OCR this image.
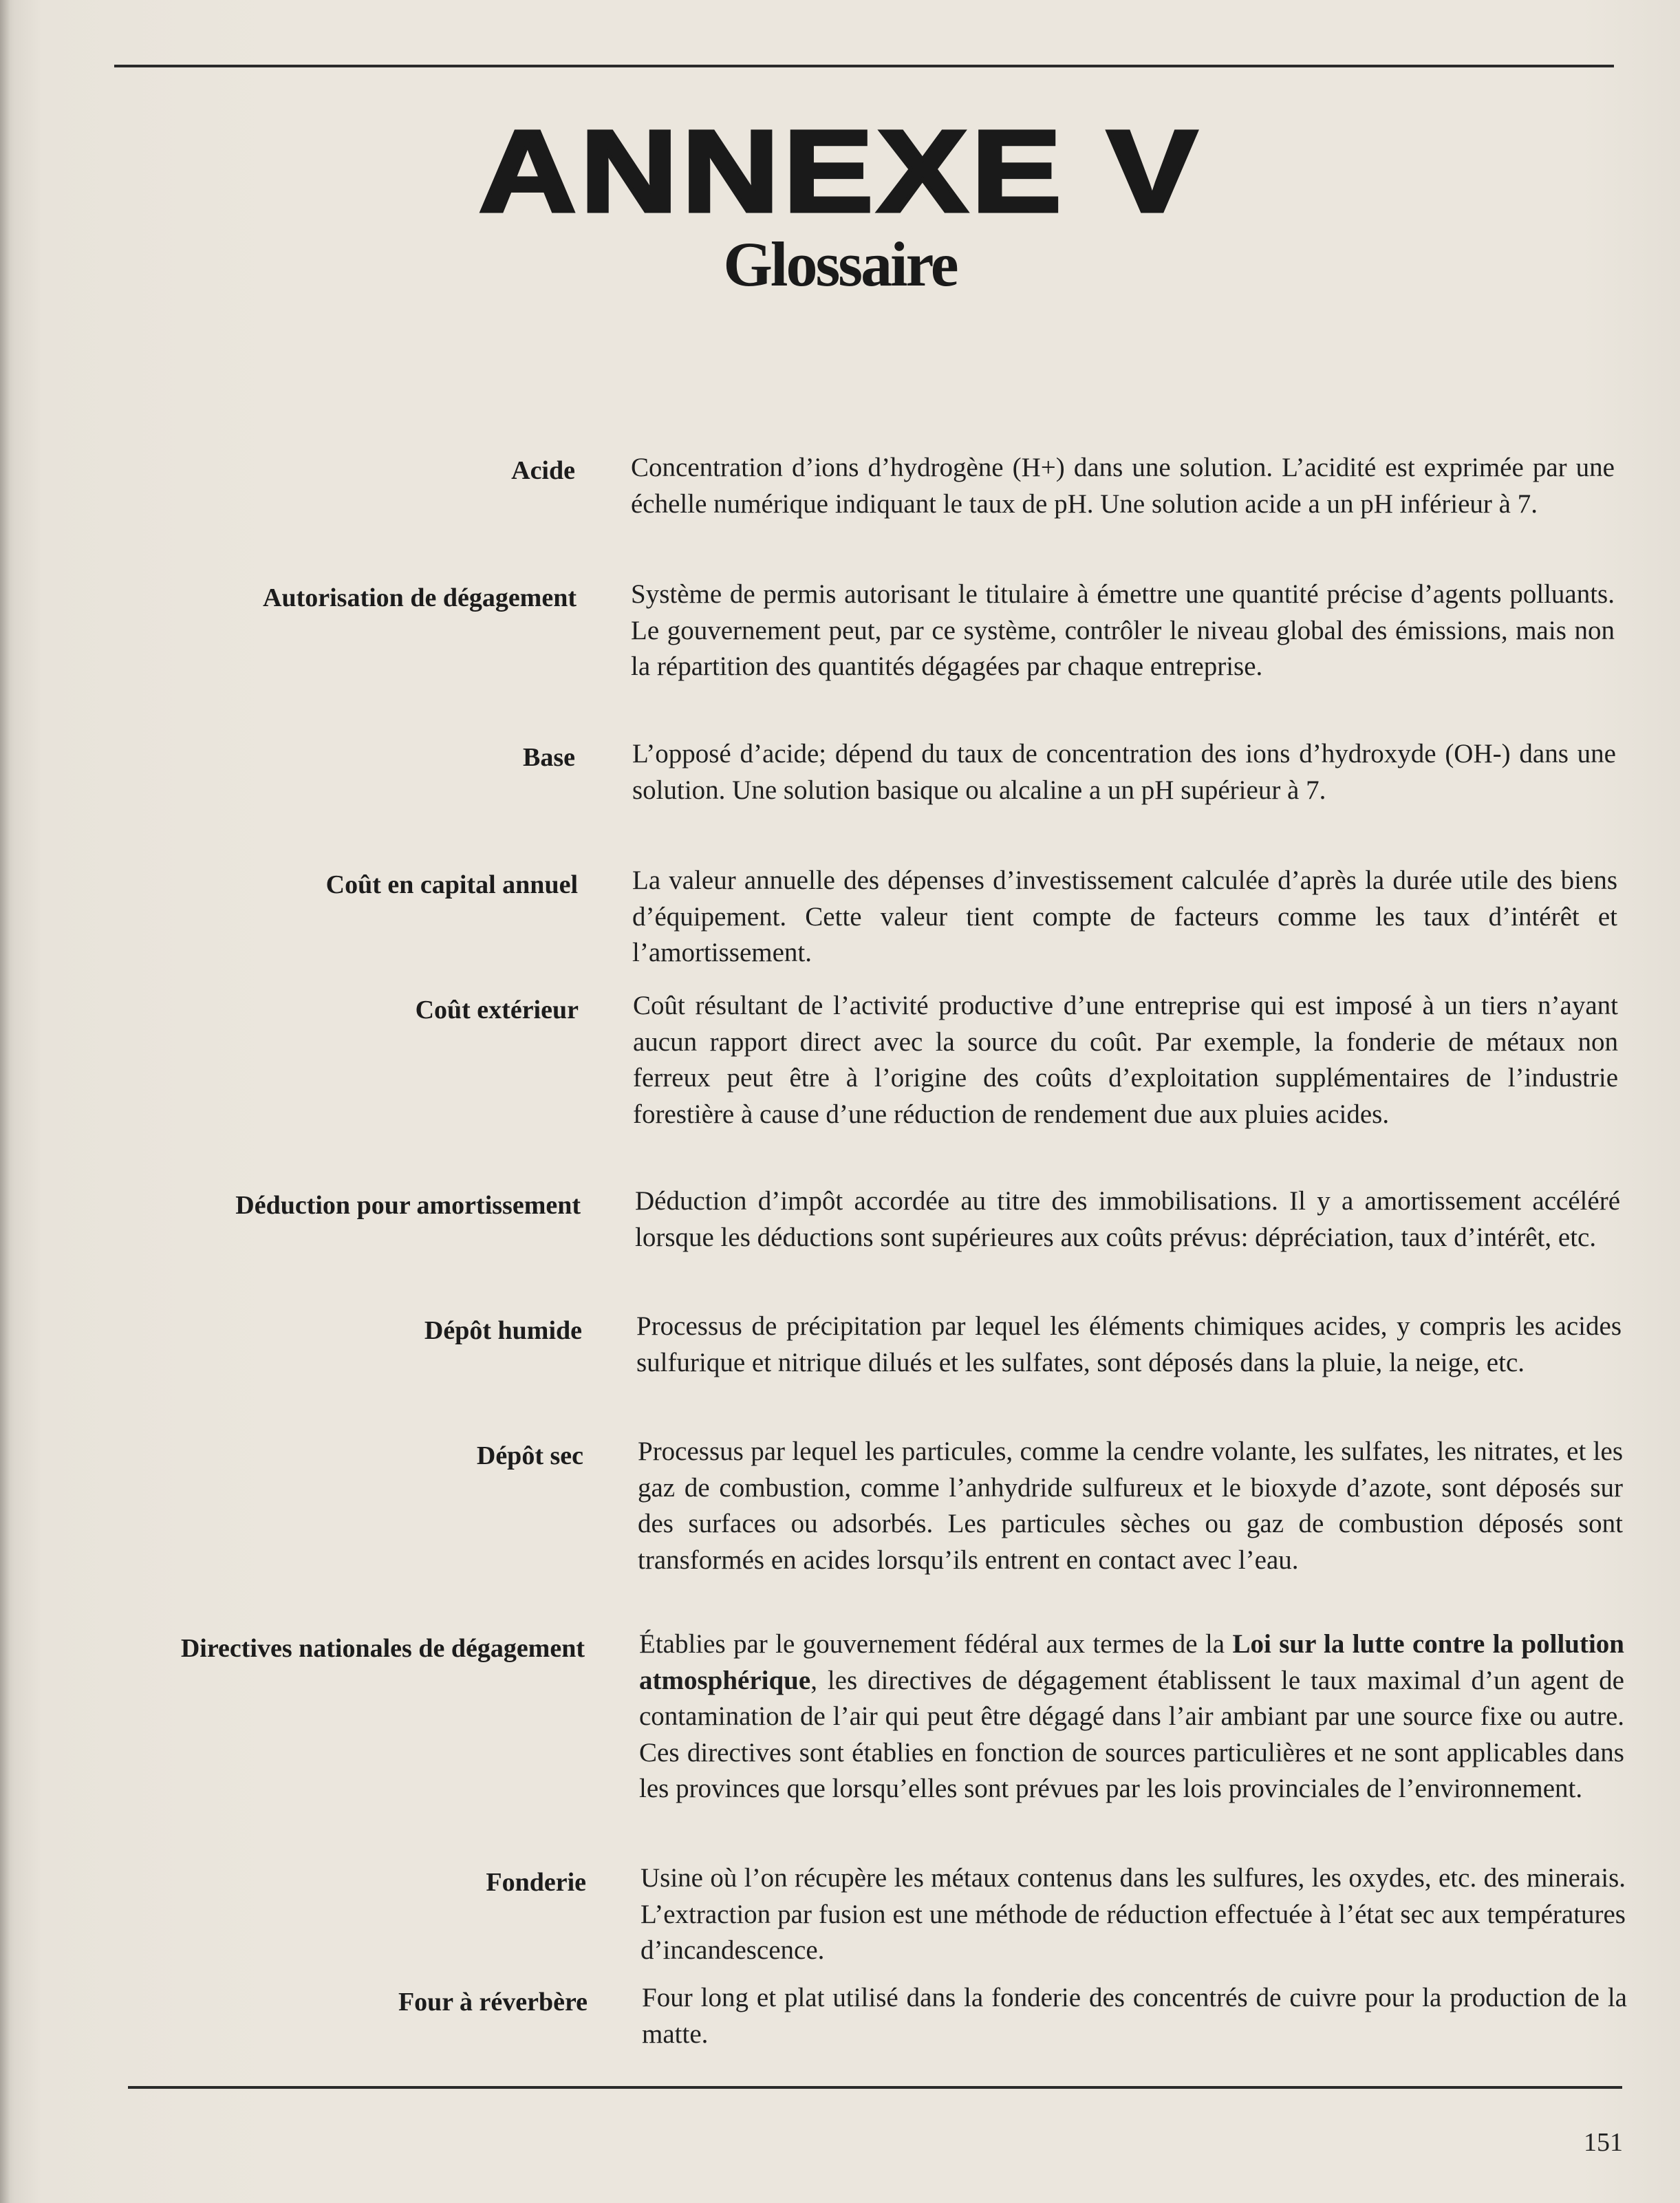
ANNEXE V
Glossaire
Acide Concentration d’ions d’hydrogène (H+) dans une solution. L’acidité est exprimée par une échelle numérique indiquant le taux de pH. Une solution acide a un pH inférieur à 7.
Autorisation de dégagement Système de permis autorisant le titulaire à émettre une quantité précise d’agents polluants. Le gouvernement peut, par ce système, contrôler le niveau global des émissions, mais non la répartition des quantités dégagées par chaque entreprise.
Base L’opposé d’acide; dépend du taux de concentration des ions d’hydroxyde (OH-) dans une solution. Une solution basique ou alcaline a un pH supérieur à 7.
Coût en capital annuel La valeur annuelle des dépenses d’investissement calculée d’après la durée utile des biens d’équipement. Cette valeur tient compte de facteurs comme les taux d’intérêt et l’amortissement.
Coût extérieur Coût résultant de l’activité productive d’une entreprise qui est imposé à un tiers n’ayant aucun rapport direct avec la source du coût. Par exemple, la fonderie de métaux non ferreux peut être à l’origine des coûts d’exploitation supplémentaires de l’industrie forestière à cause d’une réduction de rendement due aux pluies acides.
Déduction pour amortissement Déduction d’impôt accordée au titre des immobilisations. Il y a amortissement accéléré lorsque les déductions sont supérieures aux coûts prévus: dépréciation, taux d’intérêt, etc.
Dépôt humide Processus de précipitation par lequel les éléments chimiques acides, y compris les acides sulfurique et nitrique dilués et les sulfates, sont déposés dans la pluie, la neige, etc.
Dépôt sec Processus par lequel les particules, comme la cendre volante, les sulfates, les nitrates, et les gaz de combustion, comme l’anhydride sulfureux et le bioxyde d’azote, sont déposés sur des surfaces ou adsorbés. Les particules sèches ou gaz de combustion déposés sont transformés en acides lorsqu’ils entrent en contact avec l’eau.
Directives nationales de dégagement Établies par le gouvernement fédéral aux termes de la Loi sur la lutte contre la pollution atmosphérique, les directives de dégagement établissent le taux maximal d’un agent de contamination de l’air qui peut être dégagé dans l’air ambiant par une source fixe ou autre. Ces directives sont établies en fonction de sources particulières et ne sont applicables dans les provinces que lorsqu’elles sont prévues par les lois provinciales de l’environnement.
Fonderie Usine où l’on récupère les métaux contenus dans les sulfures, les oxydes, etc. des minerais. L’extraction par fusion est une méthode de réduction effectuée à l’état sec aux températures d’incandescence.
Four à réverbère Four long et plat utilisé dans la fonderie des concentrés de cuivre pour la production de la matte.
151
